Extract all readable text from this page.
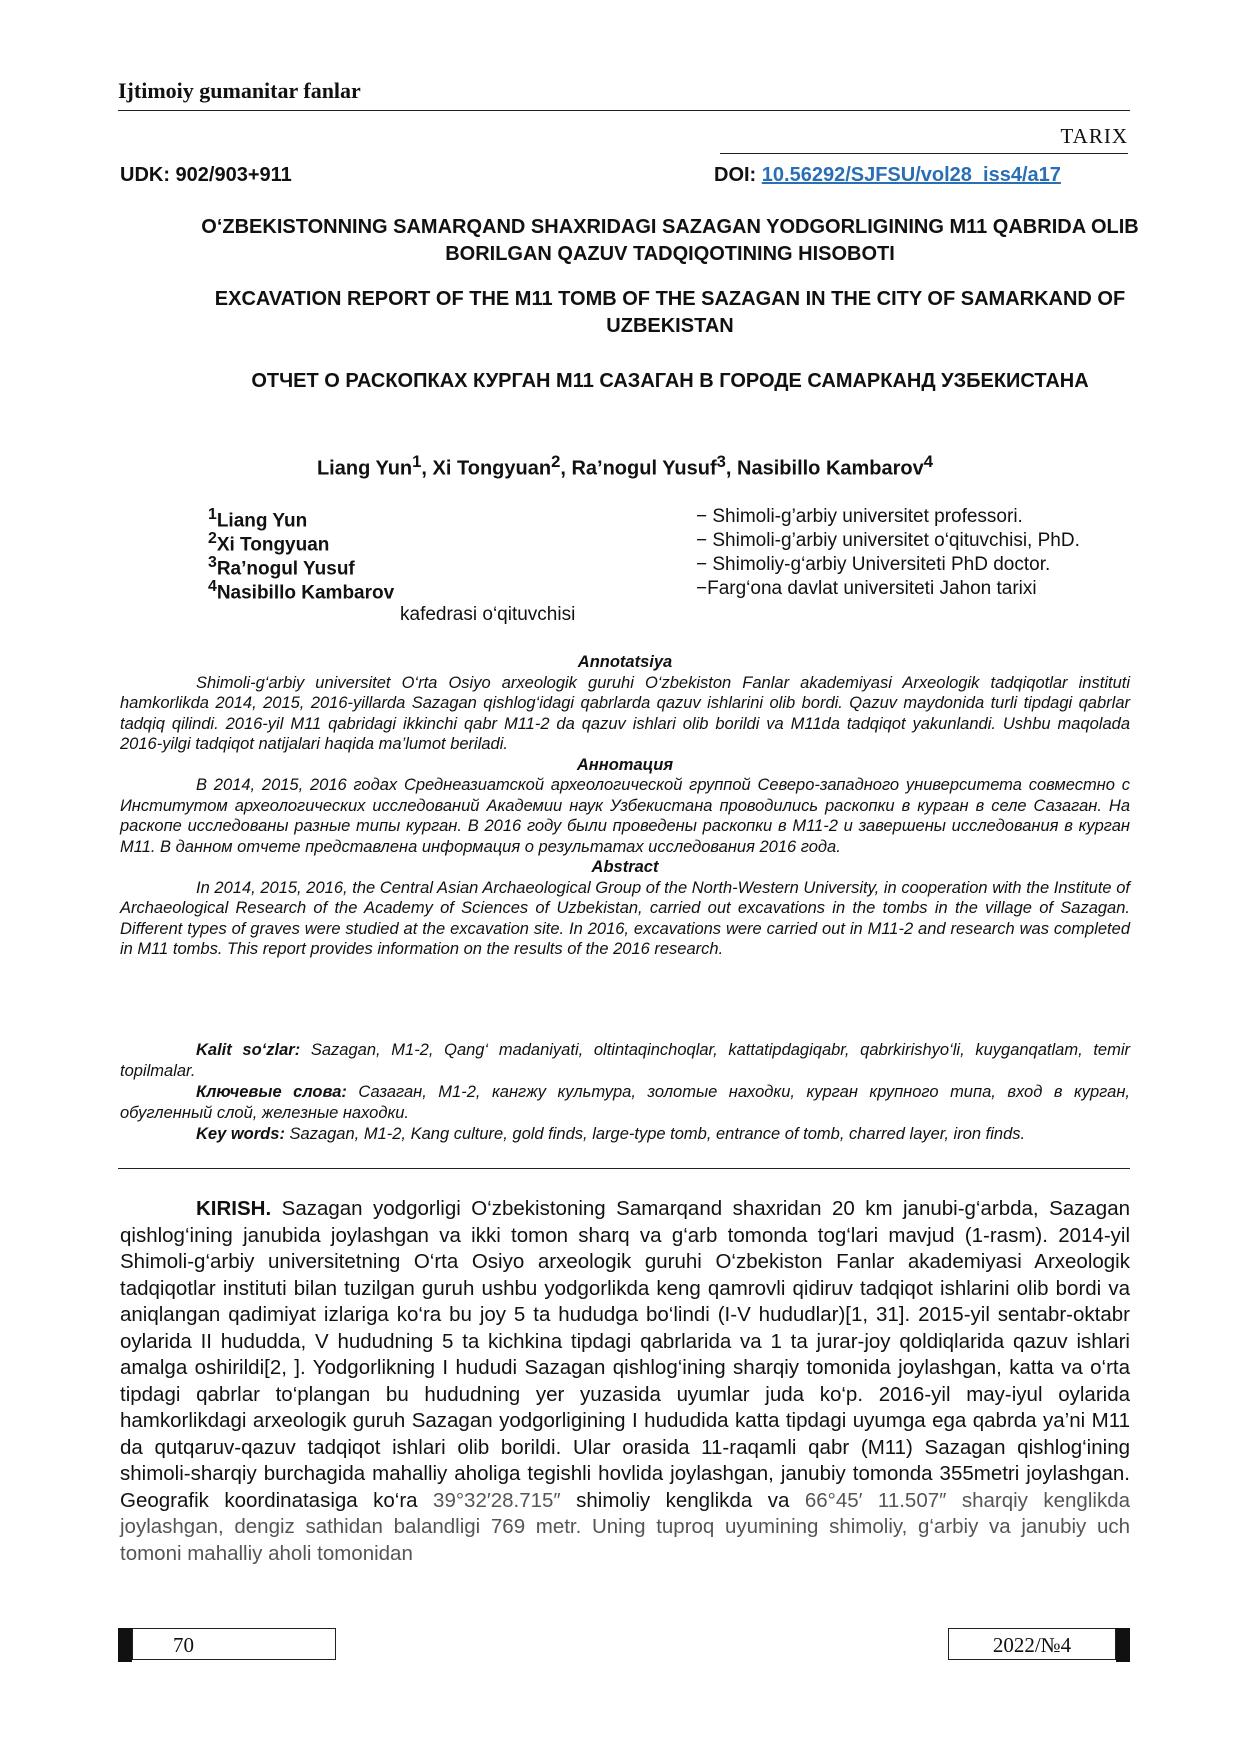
Ijtimoiy gumanitar fanlar
TARIX
UDK: 902/903+911	DOI: 10.56292/SJFSU/vol28_iss4/a17
O‘ZBEKISTONNING SAMARQAND SHAXRIDAGI SAZAGAN YODGORLIGINING M11 QABRIDA OLIB BORILGAN QAZUV TADQIQOTINING HISOBOTI
EXCAVATION REPORT OF THE M11 TOMB OF THE SAZAGAN IN THE CITY OF SAMARKAND OF UZBEKISTAN
ОТЧЕТ О РАСКОПКАХ КУРГАН М11 САЗАГАН В ГОРОДЕ САМАРКАНД УЗБЕКИСТАНА
Liang Yun$^1$, Xi Tongyuan$^2$, Ra’nogul Yusuf$^3$, Nasibillo Kambarov$^4$
$^1$Liang Yun	− Shimoli-g’arbiy universitet professori.
$^2$Xi Tongyuan	− Shimoli-g’arbiy universitet o‘qituvchisi, PhD.
$^3$Ra’nogul Yusuf	− Shimoliy-g‘arbiy Universiteti PhD doctor.
$^4$Nasibillo Kambarov	−Farg‘ona davlat universiteti Jahon tarixi
kafedrasi o‘qituvchisi
Annotatsiya

Shimoli-g‘arbiy universitet O‘rta Osiyo arxeologik guruhi O‘zbekiston Fanlar akademiyasi Arxeologik tadqiqotlar instituti hamkorlikda 2014, 2015, 2016-yillarda Sazagan qishlog‘idagi qabrlarda qazuv ishlarini olib bordi. Qazuv maydonida turli tipdagi qabrlar tadqiq qilindi. 2016-yil M11 qabridagi ikkinchi qabr M11-2 da qazuv ishlari olib borildi va M11da tadqiqot yakunlandi. Ushbu maqolada 2016-yilgi tadqiqot natijalari haqida ma’lumot beriladi.

Аннотация

В 2014, 2015, 2016 годах Среднеазиатской археологической группой Северо-западного университета совместно с Институтом археологических исследований Академии наук Узбекистана проводились раскопки в курган в селе Сазаган. На раскопе исследованы разные типы курган. В 2016 году были проведены раскопки в М11-2 и завершены исследования в курган М11. В данном отчете представлена информация о результатах исследования 2016 года.

Abstract

In 2014, 2015, 2016, the Central Asian Archaeological Group of the North-Western University, in cooperation with the Institute of Archaeological Research of the Academy of Sciences of Uzbekistan, carried out excavations in the tombs in the village of Sazagan. Different types of graves were studied at the excavation site. In 2016, excavations were carried out in M11-2 and research was completed in M11 tombs. This report provides information on the results of the 2016 research.

Kalit so‘zlar: Sazagan, M1-2, Qang‘ madaniyati, oltintaqinchoqlar, kattatipdagiqabr, qabrkirishyo‘li, kuyganqatlam, temir topilmalar.

Ключевые слова: Сазаган, М1-2, кангжу культура, золотые находки, курган крупного типа, вход в курган, обугленный слой, железные находки.

Key words: Sazagan, M1-2, Kang culture, gold finds, large-type tomb, entrance of tomb, charred layer, iron finds.

KIRISH. Sazagan yodgorligi O‘zbekistoning Samarqand shaxridan 20 km janubi-g‘arbda, Sazagan qishlog‘ining janubida joylashgan va ikki tomon sharq va g‘arb tomonda tog‘lari mavjud (1-rasm). 2014-yil Shimoli-g‘arbiy universitetning O‘rta Osiyo arxeologik guruhi O‘zbekiston Fanlar akademiyasi Arxeologik tadqiqotlar instituti bilan tuzilgan guruh ushbu yodgorlikda keng qamrovli qidiruv tadqiqot ishlarini olib bordi va aniqlangan qadimiyat izlariga ko‘ra bu joy 5 ta hududga bo‘lindi (I-V hududlar)[1, 31]. 2015-yil sentabr-oktabr oylarida II hududda, V hududning 5 ta kichkina tipdagi qabrlarida va 1 ta jurar-joy qoldiqlarida qazuv ishlari amalga oshirildi[2, ]. Yodgorlikning I hududi Sazagan qishlog‘ining sharqiy tomonida joylashgan, katta va o‘rta tipdagi qabrlar to‘plangan bu hududning yer yuzasida uyumlar juda ko‘p. 2016-yil may-iyul oylarida hamkorlikdagi arxeologik guruh Sazagan yodgorligining I hududida katta tipdagi uyumga ega qabrda ya’ni M11 da qutqaruv-qazuv tadqiqot ishlari olib borildi. Ular orasida 11-raqamli qabr (M11) Sazagan qishlog‘ining shimoli-sharqiy burchagida mahalliy aholiga tegishli hovlida joylashgan, janubiy tomonda 355metri joylashgan. Geografik koordinatasiga ko‘ra 39°32′28.715″ shimoliy kenglikda va 66°45′ 11.507″ sharqiy kenglikda joylashgan, dengiz sathidan balandligi 769 metr. Uning tuproq uyumining shimoliy, g‘arbiy va janubiy uch tomoni mahalliy aholi tomonidan

70	2022/№4
